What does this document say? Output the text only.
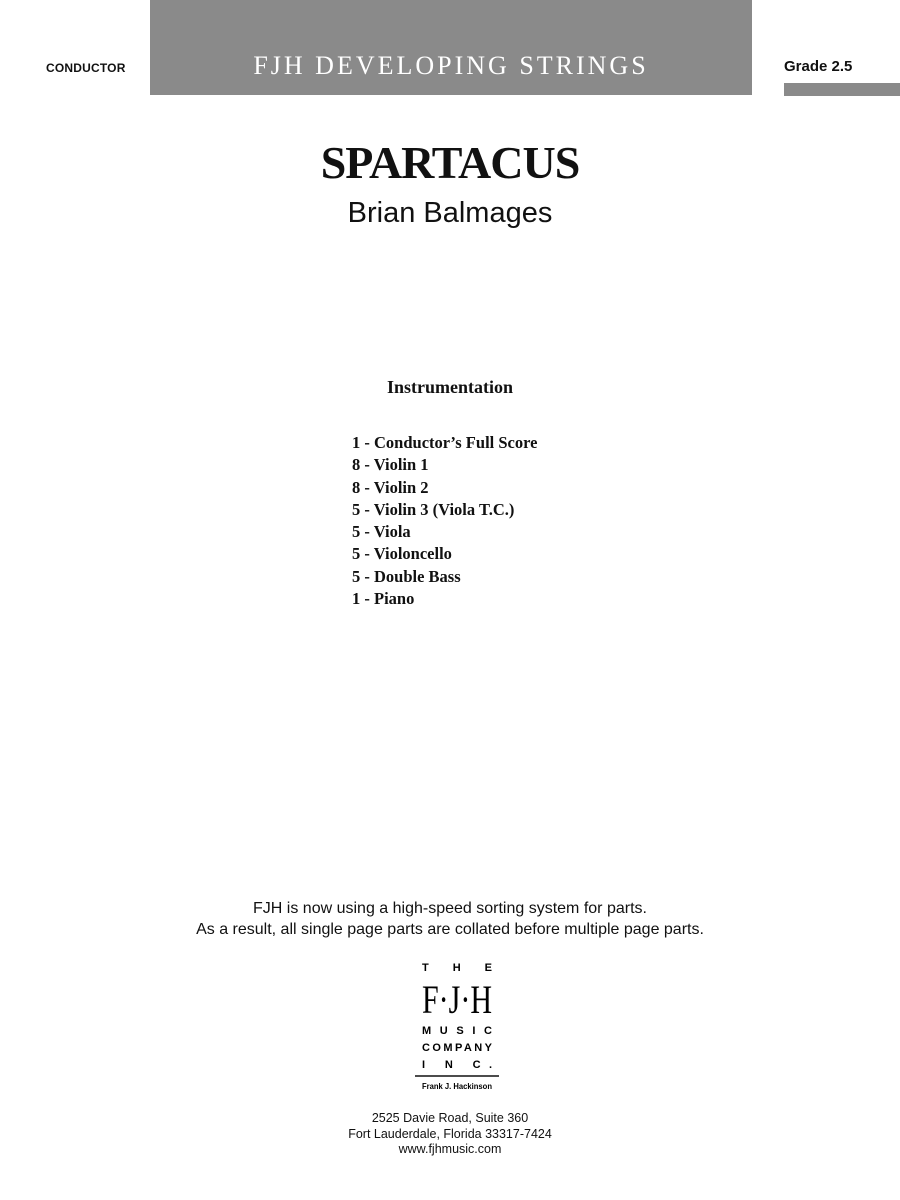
CONDUCTOR	FJH DEVELOPING STRINGS	Grade 2.5
SPARTACUS
Brian Balmages
Instrumentation
1 - Conductor’s Full Score
8 - Violin 1
8 - Violin 2
5 - Violin 3 (Viola T.C.)
5 - Viola
5 - Violoncello
5 - Double Bass
1 - Piano
FJH is now using a high-speed sorting system for parts.
As a result, all single page parts are collated before multiple page parts.
T H E
F·J·H
MUSIC
COMPANY
I N C.
Frank J. Hackinson
2525 Davie Road, Suite 360
Fort Lauderdale, Florida 33317-7424
www.fjhmusic.com
